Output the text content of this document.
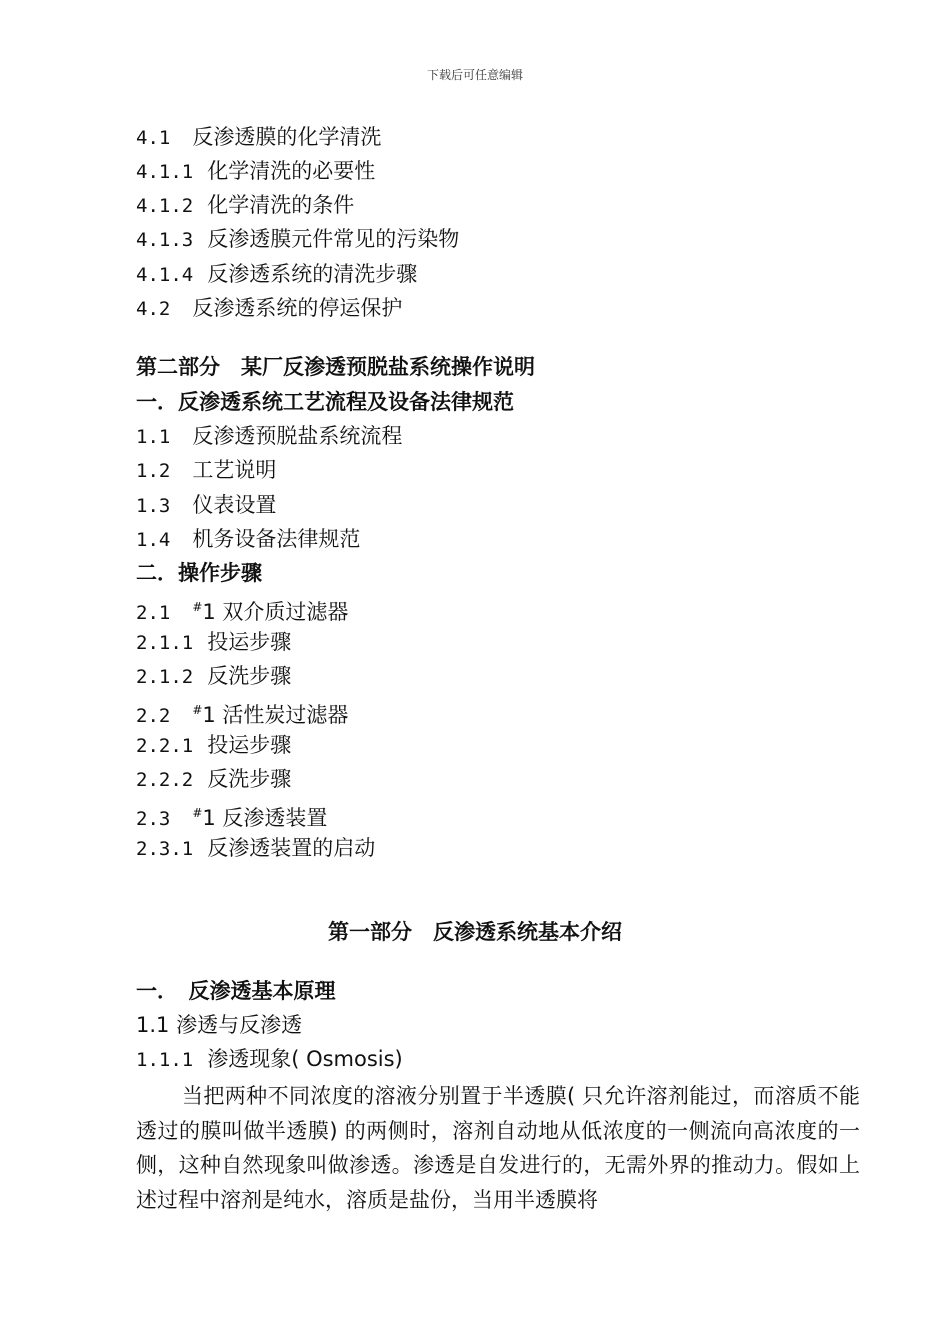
下载后可任意编辑
4.1 反渗透膜的化学清洗
4.1.1 化学清洗的必要性
4.1.2 化学清洗的条件
4.1.3 反渗透膜元件常见的污染物
4.1.4 反渗透系统的清洗步骤
4.2 反渗透系统的停运保护
第二部分　某厂反渗透预脱盐系统操作说明
一．反渗透系统工艺流程及设备法律规范
1.1 反渗透预脱盐系统流程
1.2 工艺说明
1.3 仪表设置
1.4 机务设备法律规范
二．操作步骤
2.1 #1 双介质过滤器
2.1.1 投运步骤
2.1.2 反洗步骤
2.2 #1 活性炭过滤器
2.2.1 投运步骤
2.2.2 反洗步骤
2.3 #1 反渗透装置
2.3.1 反渗透装置的启动
第一部分　反渗透系统基本介绍
一．　反渗透基本原理
1.1 渗透与反渗透
1.1.1 渗透现象( Osmosis)
当把两种不同浓度的溶液分别置于半透膜( 只允许溶剂能过，而溶质不能透过的膜叫做半透膜) 的两侧时，溶剂自动地从低浓度的一侧流向高浓度的一侧，这种自然现象叫做渗透。渗透是自发进行的，无需外界的推动力。假如上述过程中溶剂是纯水，溶质是盐份，当用半透膜将
